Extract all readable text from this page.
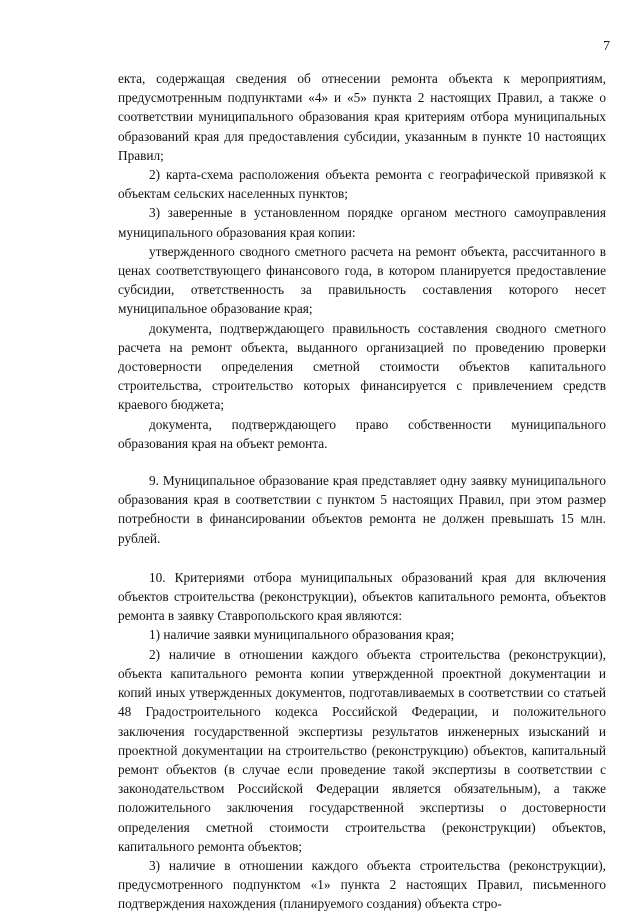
7

екта, содержащая сведения об отнесении ремонта объекта к мероприятиям, предусмотренным подпунктами «4» и «5» пункта 2 настоящих Правил, а также о соответствии муниципального образования края критериям отбора муниципальных образований края для предоставления субсидии, указанным в пункте 10 настоящих Правил;

2) карта-схема расположения объекта ремонта с географической привязкой к объектам сельских населенных пунктов;

3) заверенные в установленном порядке органом местного самоуправления муниципального образования края копии:

утвержденного сводного сметного расчета на ремонт объекта, рассчитанного в ценах соответствующего финансового года, в котором планируется предоставление субсидии, ответственность за правильность составления которого несет муниципальное образование края;

документа, подтверждающего правильность составления сводного сметного расчета на ремонт объекта, выданного организацией по проведению проверки достоверности определения сметной стоимости объектов капитального строительства, строительство которых финансируется с привлечением средств краевого бюджета;

документа, подтверждающего право собственности муниципального образования края на объект ремонта.

9. Муниципальное образование края представляет одну заявку муниципального образования края в соответствии с пунктом 5 настоящих Правил, при этом размер потребности в финансировании объектов ремонта не должен превышать 15 млн. рублей.

10. Критериями отбора муниципальных образований края для включения объектов строительства (реконструкции), объектов капитального ремонта, объектов ремонта в заявку Ставропольского края являются:

1) наличие заявки муниципального образования края;

2) наличие в отношении каждого объекта строительства (реконструкции), объекта капитального ремонта копии утвержденной проектной документации и копий иных утвержденных документов, подготавливаемых в соответствии со статьей 48 Градостроительного кодекса Российской Федерации, и положительного заключения государственной экспертизы результатов инженерных изысканий и проектной документации на строительство (реконструкцию) объектов, капитальный ремонт объектов (в случае если проведение такой экспертизы в соответствии с законодательством Российской Федерации является обязательным), а также положительного заключения государственной экспертизы о достоверности определения сметной стоимости строительства (реконструкции) объектов, капитального ремонта объектов;

3) наличие в отношении каждого объекта строительства (реконструкции), предусмотренного подпунктом «1» пункта 2 настоящих Правил, письменного подтверждения нахождения (планируемого создания) объекта стро-
